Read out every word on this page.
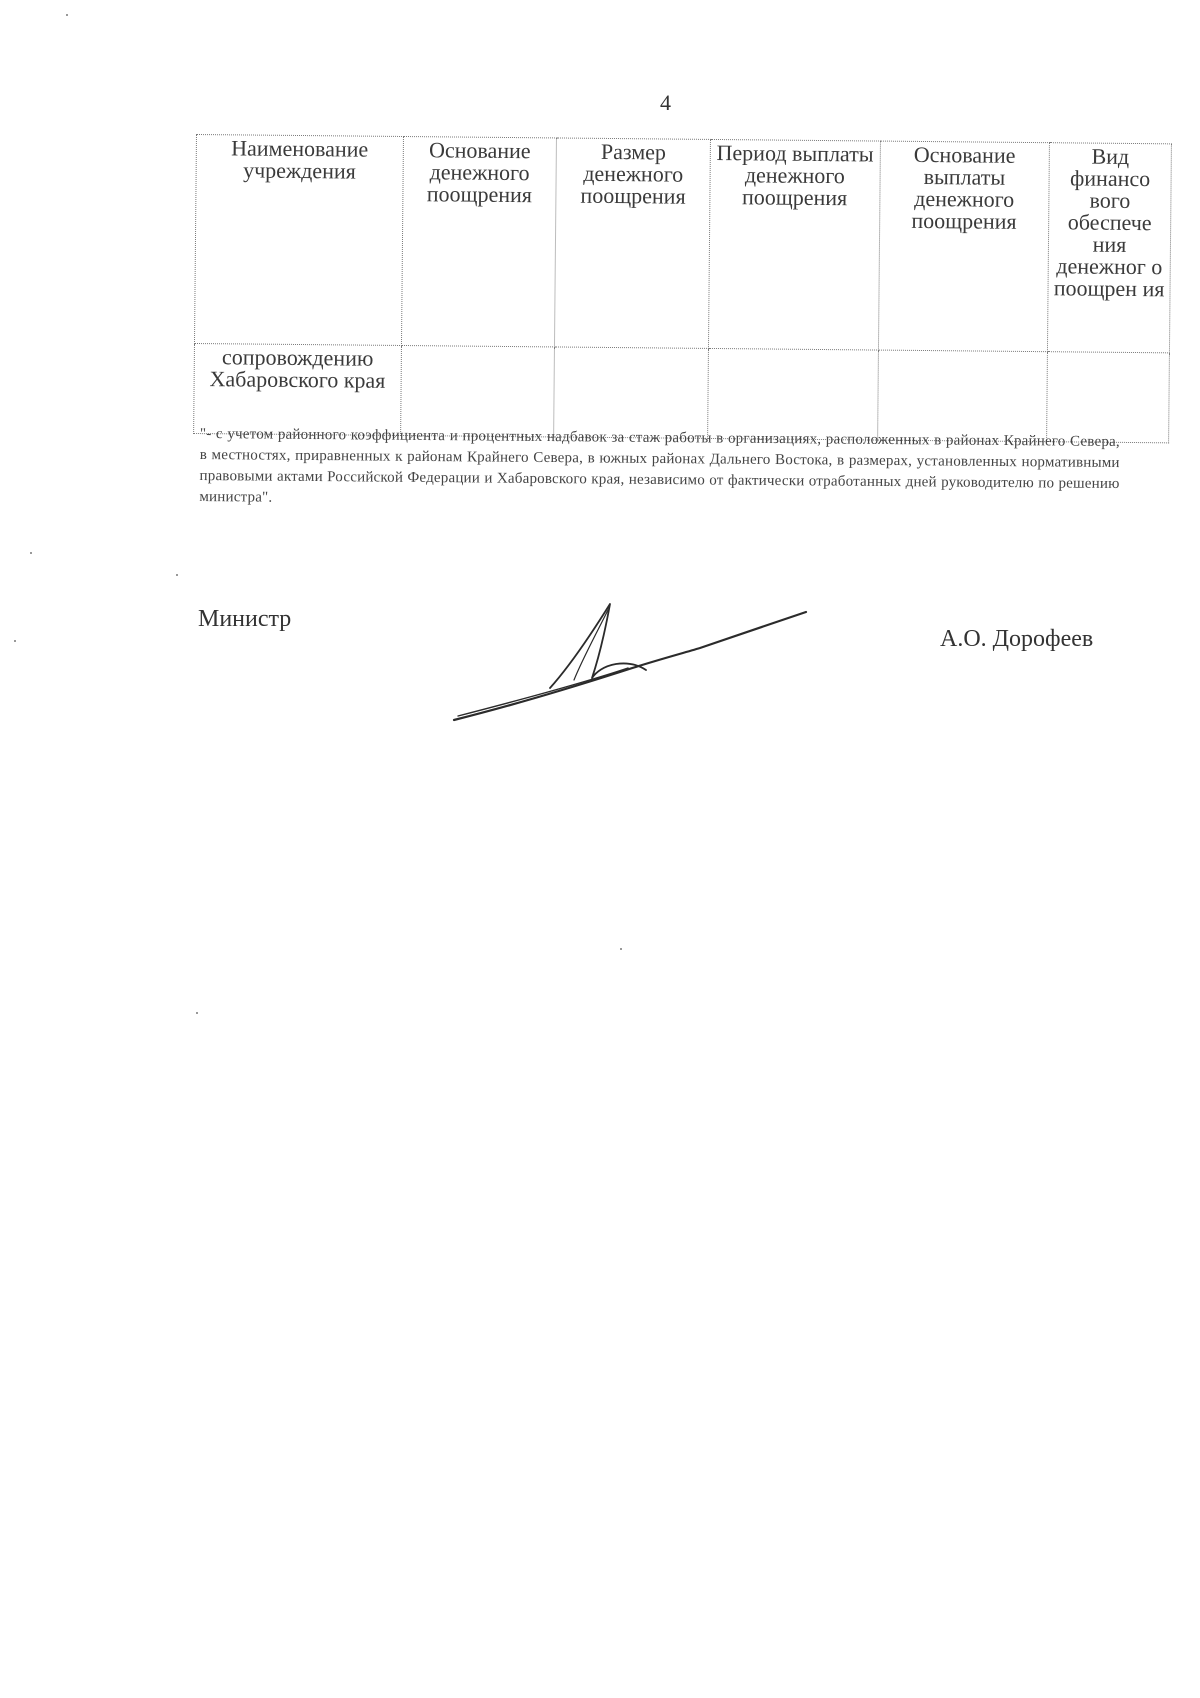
4
Наименование учреждения	Основание денежного поощрения	Размер денежного поощрения	Период выплаты денежного поощрения	Основание выплаты денежного поощрения	Вид финансо вого обеспече ния денежног о поощрен ия
сопровождению Хабаровского края					

"- с учетом районного коэффициента и процентных надбавок за стаж работы в организациях, расположенных в районах Крайнего Севера, в местностях, приравненных к районам Крайнего Севера, в южных районах Дальнего Востока, в размерах, установленных нормативными правовыми актами Российской Федерации и Хабаровского края, независимо от фактически отработанных дней руководителю по решению министра".

Министр
А.О. Дорофеев
